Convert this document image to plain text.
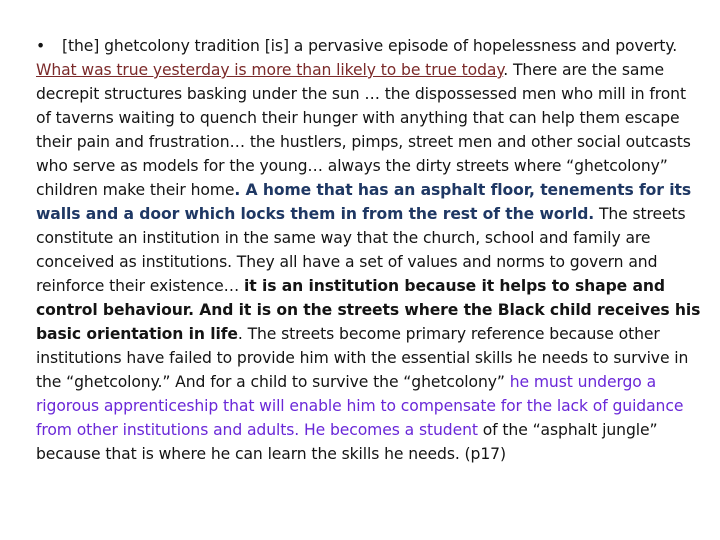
• [the] ghetcolony tradition [is] a pervasive episode of hopelessness and poverty. What was true yesterday is more than likely to be true today. There are the same decrepit structures basking under the sun … the dispossessed men who mill in front of taverns waiting to quench their hunger with anything that can help them escape their pain and frustration… the hustlers, pimps, street men and other social outcasts who serve as models for the young… always the dirty streets where “ghetcolony” children make their home. A home that has an asphalt floor, tenements for its walls and a door which locks them in from the rest of the world. The streets constitute an institution in the same way that the church, school and family are conceived as institutions. They all have a set of values and norms to govern and reinforce their existence… it is an institution because it helps to shape and control behaviour. And it is on the streets where the Black child receives his basic orientation in life. The streets become primary reference because other institutions have failed to provide him with the essential skills he needs to survive in the “ghetcolony.” And for a child to survive the “ghetcolony” he must undergo a rigorous apprenticeship that will enable him to compensate for the lack of guidance from other institutions and adults. He becomes a student of the “asphalt jungle” because that is where he can learn the skills he needs. (p17)
